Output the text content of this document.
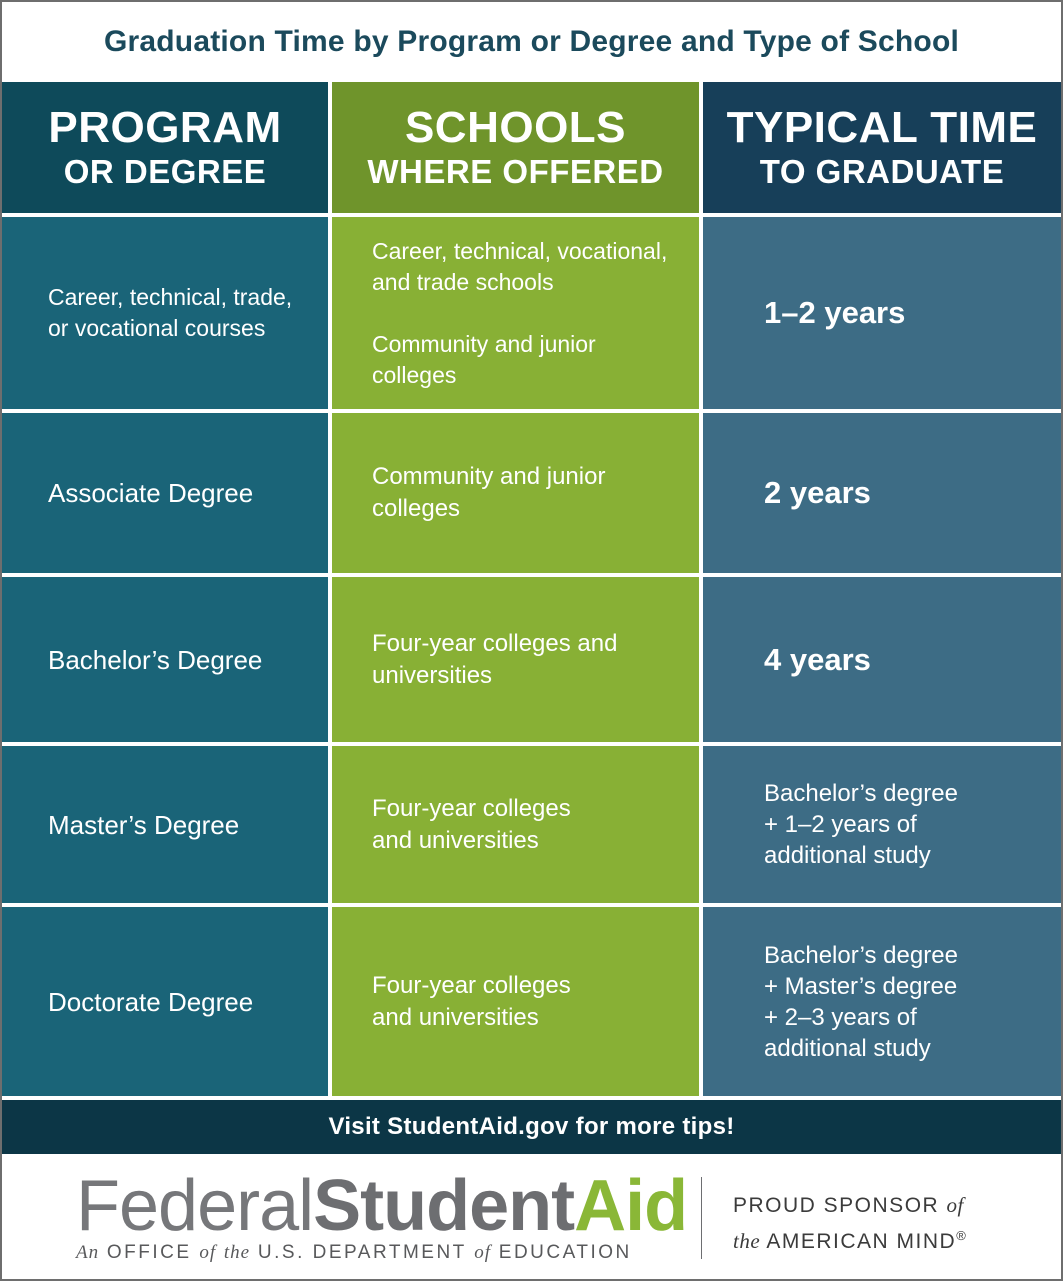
Graduation Time by Program or Degree and Type of School
PROGRAM
OR DEGREE
SCHOOLS
WHERE OFFERED
TYPICAL TIME
TO GRADUATE
Career, technical, trade,
or vocational courses
Career, technical, vocational,
and trade schools
Community and junior
colleges
1–2 years
Associate Degree
Community and junior
colleges	2 years
Bachelor’s Degree
Four-year colleges and
universities	4 years
Master’s Degree
Four-year colleges
and universities
Bachelor’s degree
+ 1–2 years of
additional study
Doctorate Degree
Four-year colleges
and universities
Bachelor’s degree
+ Master’s degree
+ 2–3 years of
additional study
Visit StudentAid.gov for more tips!
FederalStudentAid
An OFFICE of the U.S. DEPARTMENT of EDUCATION
PROUD SPONSOR of
the AMERICAN MIND®
